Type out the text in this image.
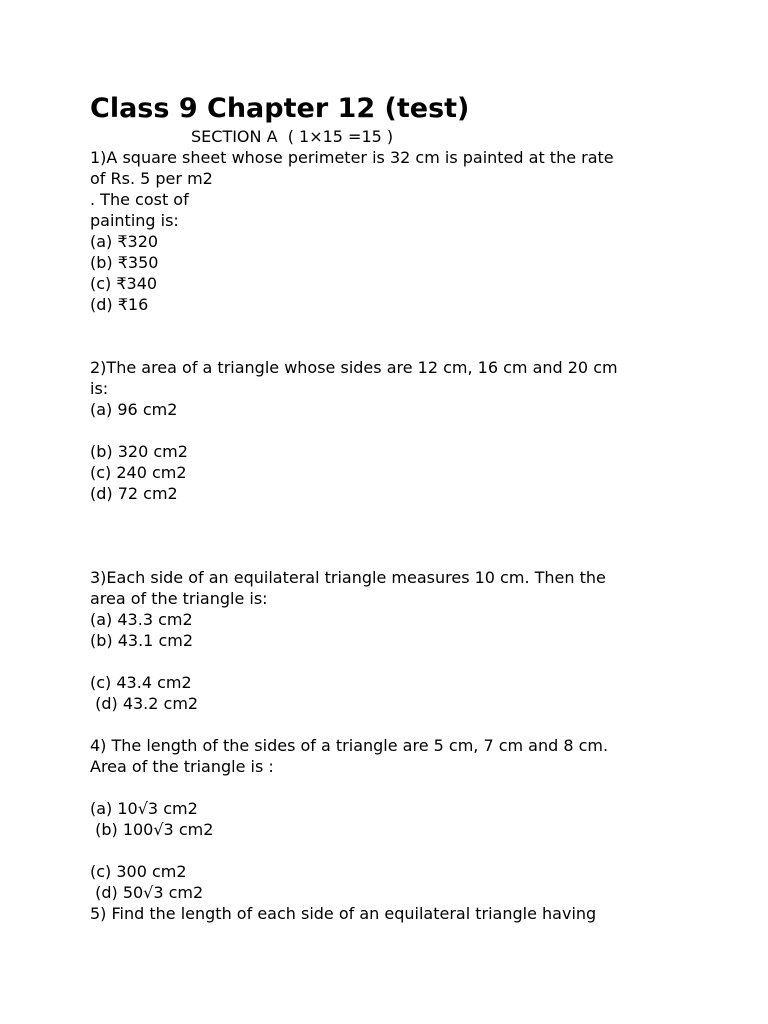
Class 9 Chapter 12 (test)
SECTION A  ( 1×15 =15 )
1)A square sheet whose perimeter is 32 cm is painted at the rate
of Rs. 5 per m2
. The cost of
painting is:
(a) ₹320
(b) ₹350
(c) ₹340
(d) ₹16
2)The area of a triangle whose sides are 12 cm, 16 cm and 20 cm
is:
(a) 96 cm2
(b) 320 cm2
(c) 240 cm2
(d) 72 cm2
3)Each side of an equilateral triangle measures 10 cm. Then the
area of the triangle is:
(a) 43.3 cm2
(b) 43.1 cm2
(c) 43.4 cm2
(d) 43.2 cm2
4) The length of the sides of a triangle are 5 cm, 7 cm and 8 cm.
Area of the triangle is :
(a) 10√3 cm2
(b) 100√3 cm2
(c) 300 cm2
(d) 50√3 cm2
5) Find the length of each side of an equilateral triangle having
